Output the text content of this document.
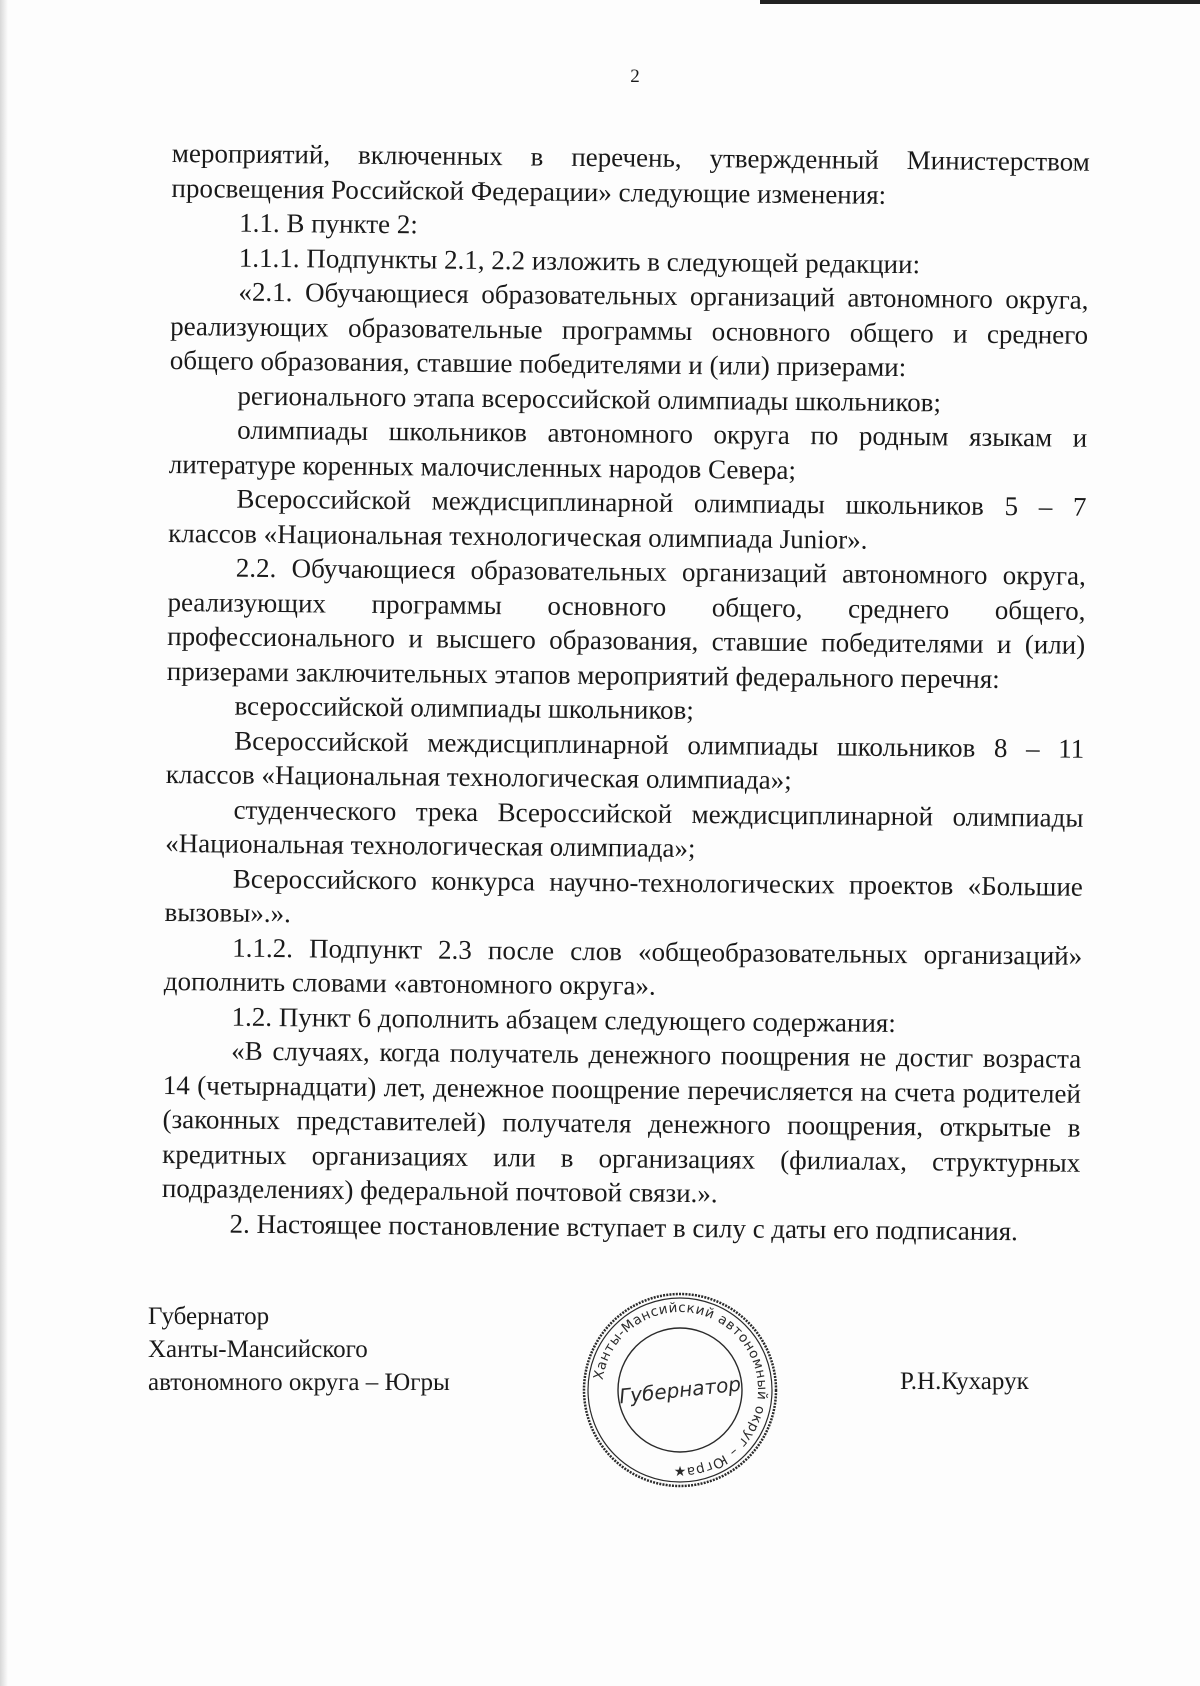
2

мероприятий, включенных в перечень, утвержденный Министерством просвещения Российской Федерации» следующие изменения:

1.1. В пункте 2:

1.1.1. Подпункты 2.1, 2.2 изложить в следующей редакции:

«2.1. Обучающиеся образовательных организаций автономного округа, реализующих образовательные программы основного общего и среднего общего образования, ставшие победителями и (или) призерами:

регионального этапа всероссийской олимпиады школьников;

олимпиады школьников автономного округа по родным языкам и литературе коренных малочисленных народов Севера;

Всероссийской междисциплинарной олимпиады школьников 5 – 7 классов «Национальная технологическая олимпиада Junior».

2.2. Обучающиеся образовательных организаций автономного округа, реализующих программы основного общего, среднего общего, профессионального и высшего образования, ставшие победителями и (или) призерами заключительных этапов мероприятий федерального перечня:

всероссийской олимпиады школьников;

Всероссийской междисциплинарной олимпиады школьников 8 – 11 классов «Национальная технологическая олимпиада»;

студенческого трека Всероссийской междисциплинарной олимпиады «Национальная технологическая олимпиада»;

Всероссийского конкурса научно-технологических проектов «Большие вызовы».».

1.1.2. Подпункт 2.3 после слов «общеобразовательных организаций» дополнить словами «автономного округа».

1.2. Пункт 6 дополнить абзацем следующего содержания:

«В случаях, когда получатель денежного поощрения не достиг возраста 14 (четырнадцати) лет, денежное поощрение перечисляется на счета родителей (законных представителей) получателя денежного поощрения, открытые в кредитных организациях или в организациях (филиалах, структурных подразделениях) федеральной почтовой связи.».

2. Настоящее постановление вступает в силу с даты его подписания.

Губернатор
Ханты-Мансийского
автономного округа – Югры	Ханты-Мансийский автономный округ – Югра
Губернатор
★
Р.Н.Кухарук
